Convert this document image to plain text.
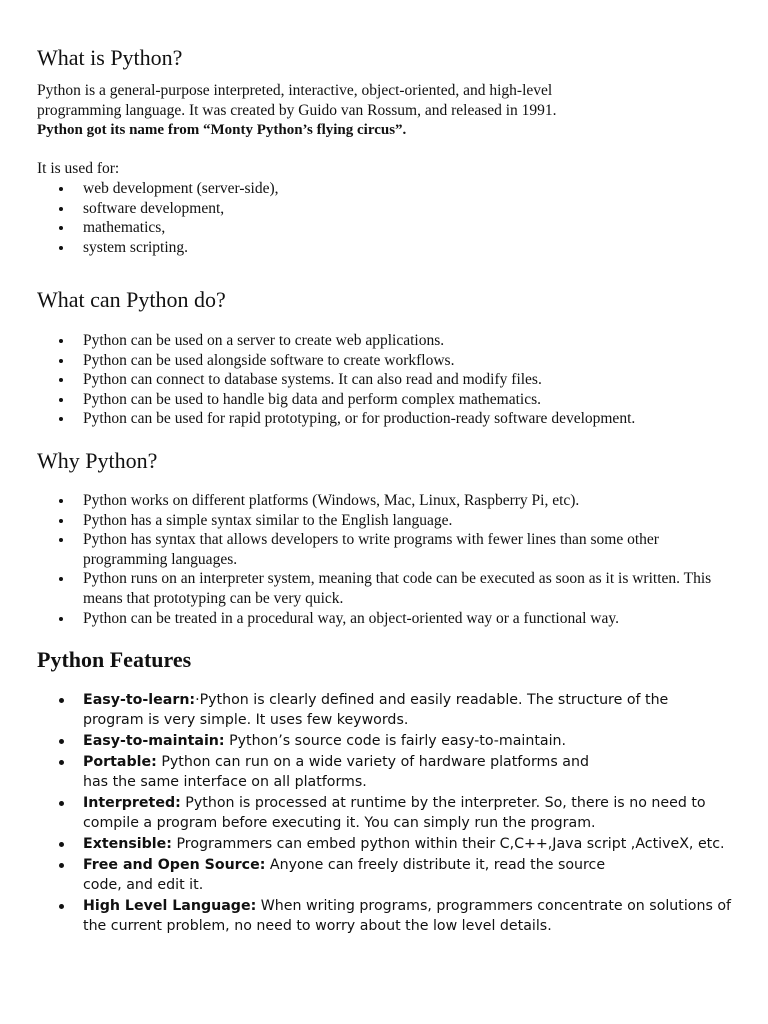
What is Python?

Python is a general-purpose interpreted, interactive, object-oriented, and high-level
programming language. It was created by Guido van Rossum, and released in 1991.
Python got its name from “Monty Python’s flying circus”.

It is used for:

web development (server-side),
software development,
mathematics,
system scripting.
What can Python do?
Python can be used on a server to create web applications.
Python can be used alongside software to create workflows.
Python can connect to database systems. It can also read and modify files.
Python can be used to handle big data and perform complex mathematics.
Python can be used for rapid prototyping, or for production-ready software development.
Why Python?
Python works on different platforms (Windows, Mac, Linux, Raspberry Pi, etc).
Python has a simple syntax similar to the English language.
Python has syntax that allows developers to write programs with fewer lines than some other programming languages.
Python runs on an interpreter system, meaning that code can be executed as soon as it is written. This means that prototyping can be very quick.
Python can be treated in a procedural way, an object-oriented way or a functional way.
Python Features
Easy-to-learn:·Python is clearly defined and easily readable. The structure of the program is very simple. It uses few keywords.
Easy-to-maintain: Python’s source code is fairly easy-to-maintain.
Portable: Python can run on a wide variety of hardware platforms and has the same interface on all platforms.
Interpreted: Python is processed at runtime by the interpreter. So, there is no need to compile a program before executing it. You can simply run the program.
Extensible: Programmers can embed python within their C,C++,Java script ,ActiveX, etc.
Free and Open Source: Anyone can freely distribute it, read the source code, and edit it.
High Level Language: When writing programs, programmers concentrate on solutions of the current problem, no need to worry about the low level details.
